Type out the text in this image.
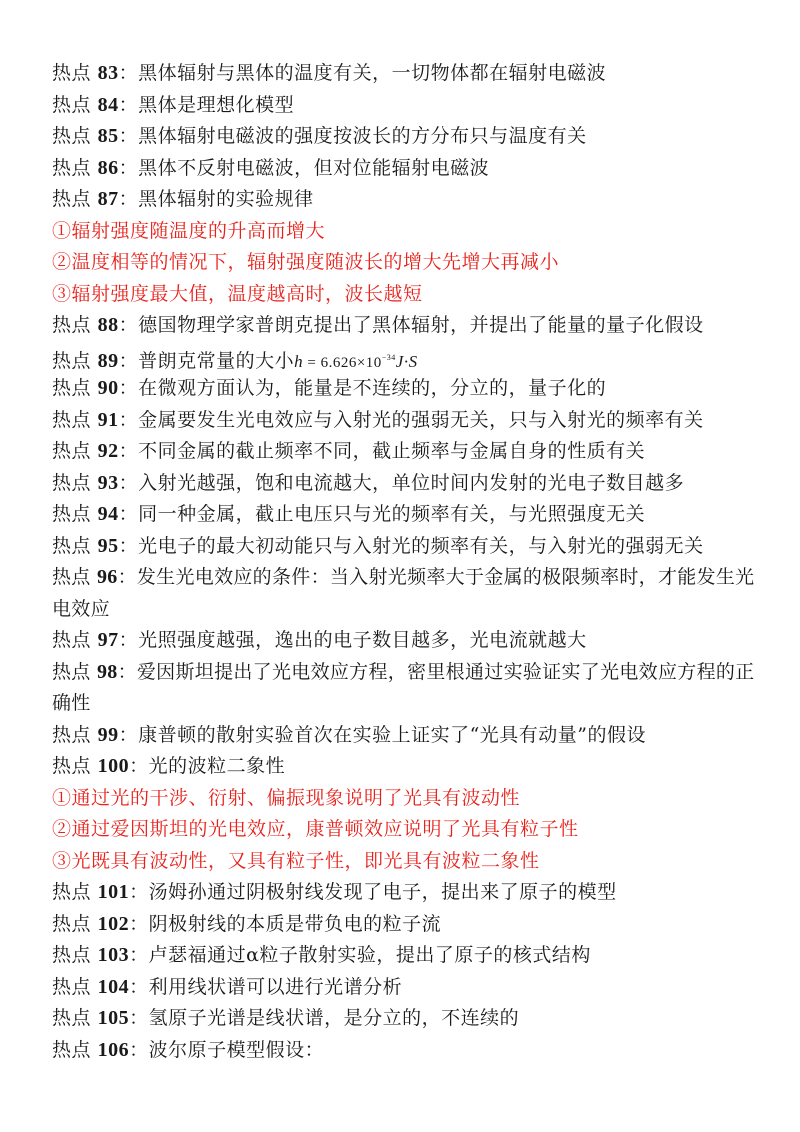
热点 83：黑体辐射与黑体的温度有关，一切物体都在辐射电磁波
热点 84：黑体是理想化模型
热点 85：黑体辐射电磁波的强度按波长的方分布只与温度有关
热点 86：黑体不反射电磁波，但对位能辐射电磁波
热点 87：黑体辐射的实验规律
①辐射强度随温度的升高而增大
②温度相等的情况下，辐射强度随波长的增大先增大再减小
③辐射强度最大值，温度越高时，波长越短
热点 88：德国物理学家普朗克提出了黑体辐射，并提出了能量的量子化假设
热点 89：普朗克常量的大小$h = 6.626\times 10^{-34}J\cdot S$
热点 90：在微观方面认为，能量是不连续的，分立的，量子化的
热点 91：金属要发生光电效应与入射光的强弱无关，只与入射光的频率有关
热点 92：不同金属的截止频率不同，截止频率与金属自身的性质有关
热点 93：入射光越强，饱和电流越大，单位时间内发射的光电子数目越多
热点 94：同一种金属，截止电压只与光的频率有关，与光照强度无关
热点 95：光电子的最大初动能只与入射光的频率有关，与入射光的强弱无关
热点 96：发生光电效应的条件：当入射光频率大于金属的极限频率时，才能发生光电效应
热点 97：光照强度越强，逸出的电子数目越多，光电流就越大
热点 98：爱因斯坦提出了光电效应方程，密里根通过实验证实了光电效应方程的正确性
热点 99：康普顿的散射实验首次在实验上证实了“光具有动量”的假设
热点 100：光的波粒二象性
①通过光的干涉、衍射、偏振现象说明了光具有波动性
②通过爱因斯坦的光电效应，康普顿效应说明了光具有粒子性
③光既具有波动性，又具有粒子性，即光具有波粒二象性
热点 101：汤姆孙通过阴极射线发现了电子，提出来了原子的模型
热点 102：阴极射线的本质是带负电的粒子流
热点 103：卢瑟福通过α粒子散射实验，提出了原子的核式结构
热点 104：利用线状谱可以进行光谱分析
热点 105：氢原子光谱是线状谱，是分立的，不连续的
热点 106：波尔原子模型假设：
